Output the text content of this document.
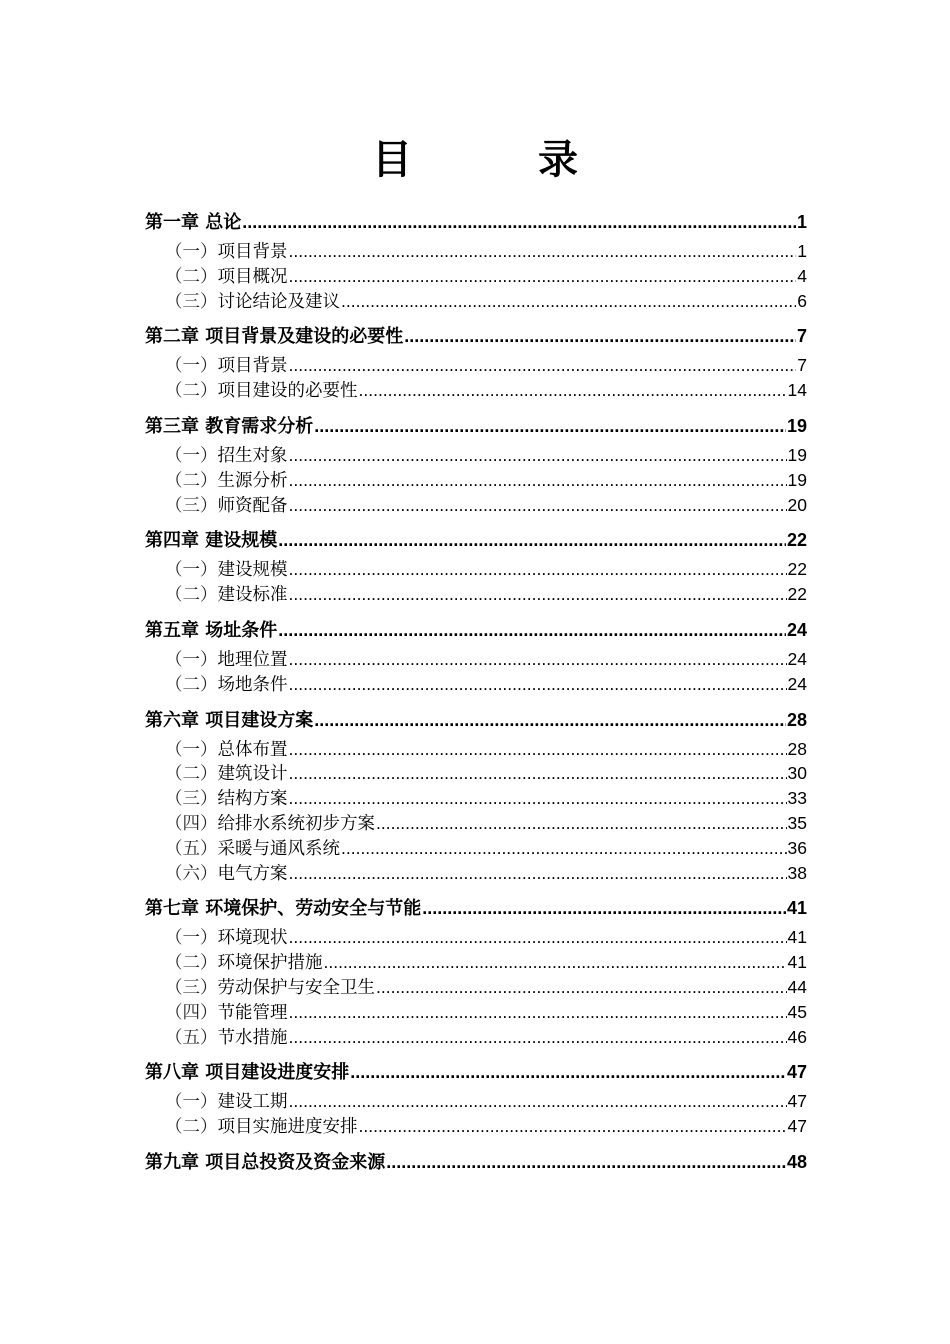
目 录
第一章 总论 .....	1
（一） 项目背景 .....	1
（二） 项目概况 .....	4
（三） 讨论结论及建议 .....	6
第二章 项目背景及建设的必要性 .....	7
（一） 项目背景 .....	7
（二） 项目建设的必要性 .....	14
第三章 教育需求分析 .....	19
（一） 招生对象 .....	19
（二） 生源分析 .....	19
（三） 师资配备 .....	20
第四章 建设规模 .....	22
（一） 建设规模 .....	22
（二） 建设标准 .....	22
第五章 场址条件 .....	24
（一） 地理位置 .....	24
（二） 场地条件 .....	24
第六章 项目建设方案 .....	28
（一） 总体布置 .....	28
（二） 建筑设计 .....	30
（三） 结构方案 .....	33
（四） 给排水系统初步方案 .....	35
（五） 采暖与通风系统 .....	36
（六） 电气方案 .....	38
第七章 环境保护、劳动安全与节能 .....	41
（一） 环境现状 .....	41
（二） 环境保护措施 .....	41
（三） 劳动保护与安全卫生 .....	44
（四） 节能管理 .....	45
（五） 节水措施 .....	46
第八章 项目建设进度安排 .....	47
（一） 建设工期 .....	47
（二） 项目实施进度安排 .....	47
第九章 项目总投资及资金来源 .....	48
